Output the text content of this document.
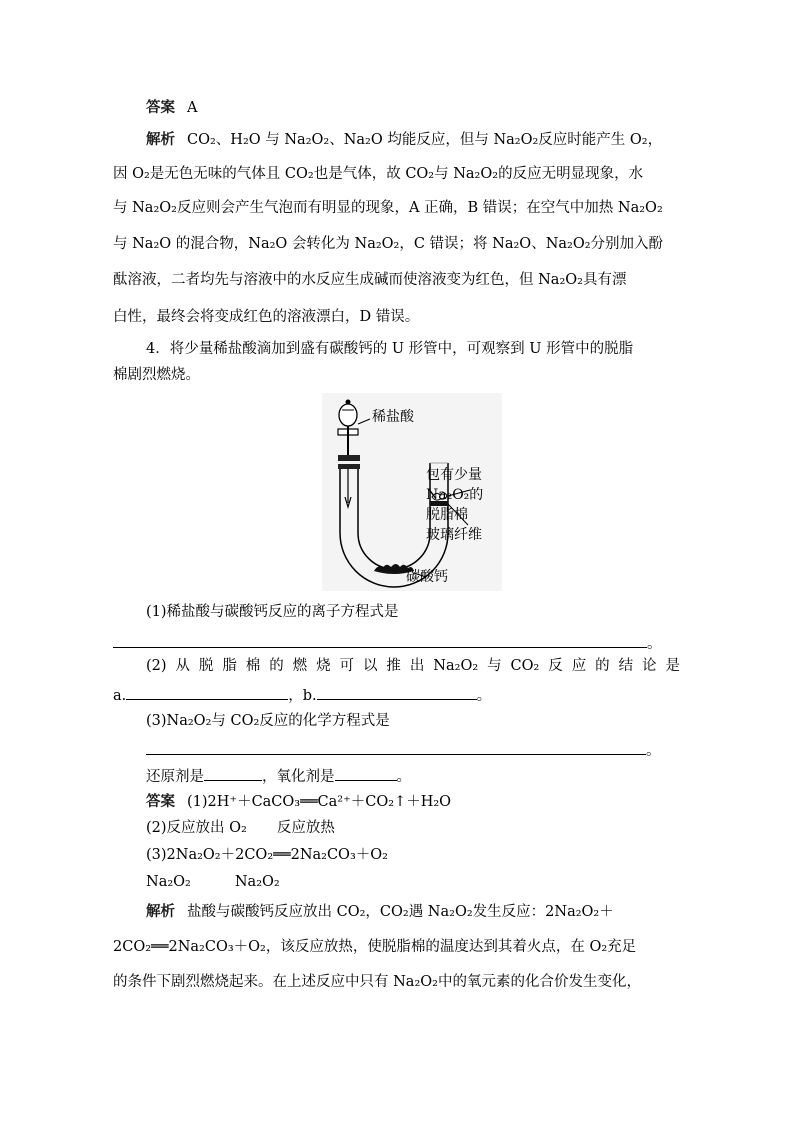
答案 A
解析 CO₂、H₂O 与 Na₂O₂、Na₂O 均能反应，但与 Na₂O₂反应时能产生 O₂，
因 O₂是无色无味的气体且 CO₂也是气体，故 CO₂与 Na₂O₂的反应无明显现象，水
与 Na₂O₂反应则会产生气泡而有明显的现象，A 正确，B 错误；在空气中加热 Na₂O₂
与 Na₂O 的混合物，Na₂O 会转化为 Na₂O₂，C 错误；将 Na₂O、Na₂O₂分别加入酚
酞溶液，二者均先与溶液中的水反应生成碱而使溶液变为红色，但 Na₂O₂具有漂
白性，最终会将变成红色的溶液漂白，D 错误。
4．将少量稀盐酸滴加到盛有碳酸钙的 U 形管中，可观察到 U 形管中的脱脂
棉剧烈燃烧。
稀盐酸
包有少量
Na₂O₂的
脱脂棉
玻璃纤维
碳酸钙
(1)稀盐酸与碳酸钙反应的离子方程式是
。
(2) 从 脱 脂 棉 的 燃 烧 可 以 推 出 Na₂O₂ 与 CO₂ 反 应 的 结 论 是
a.	，b.	。
(3)Na₂O₂与 CO₂反应的化学方程式是
。
还原剂是	，氧化剂是	。
答案 (1)2H⁺＋CaCO₃══Ca²⁺＋CO₂↑＋H₂O
(2)反应放出 O₂ 反应放热
(3)2Na₂O₂＋2CO₂══2Na₂CO₃＋O₂
Na₂O₂	Na₂O₂
解析 盐酸与碳酸钙反应放出 CO₂，CO₂遇 Na₂O₂发生反应：2Na₂O₂＋
2CO₂══2Na₂CO₃＋O₂，该反应放热，使脱脂棉的温度达到其着火点，在 O₂充足
的条件下剧烈燃烧起来。在上述反应中只有 Na₂O₂中的氧元素的化合价发生变化，
